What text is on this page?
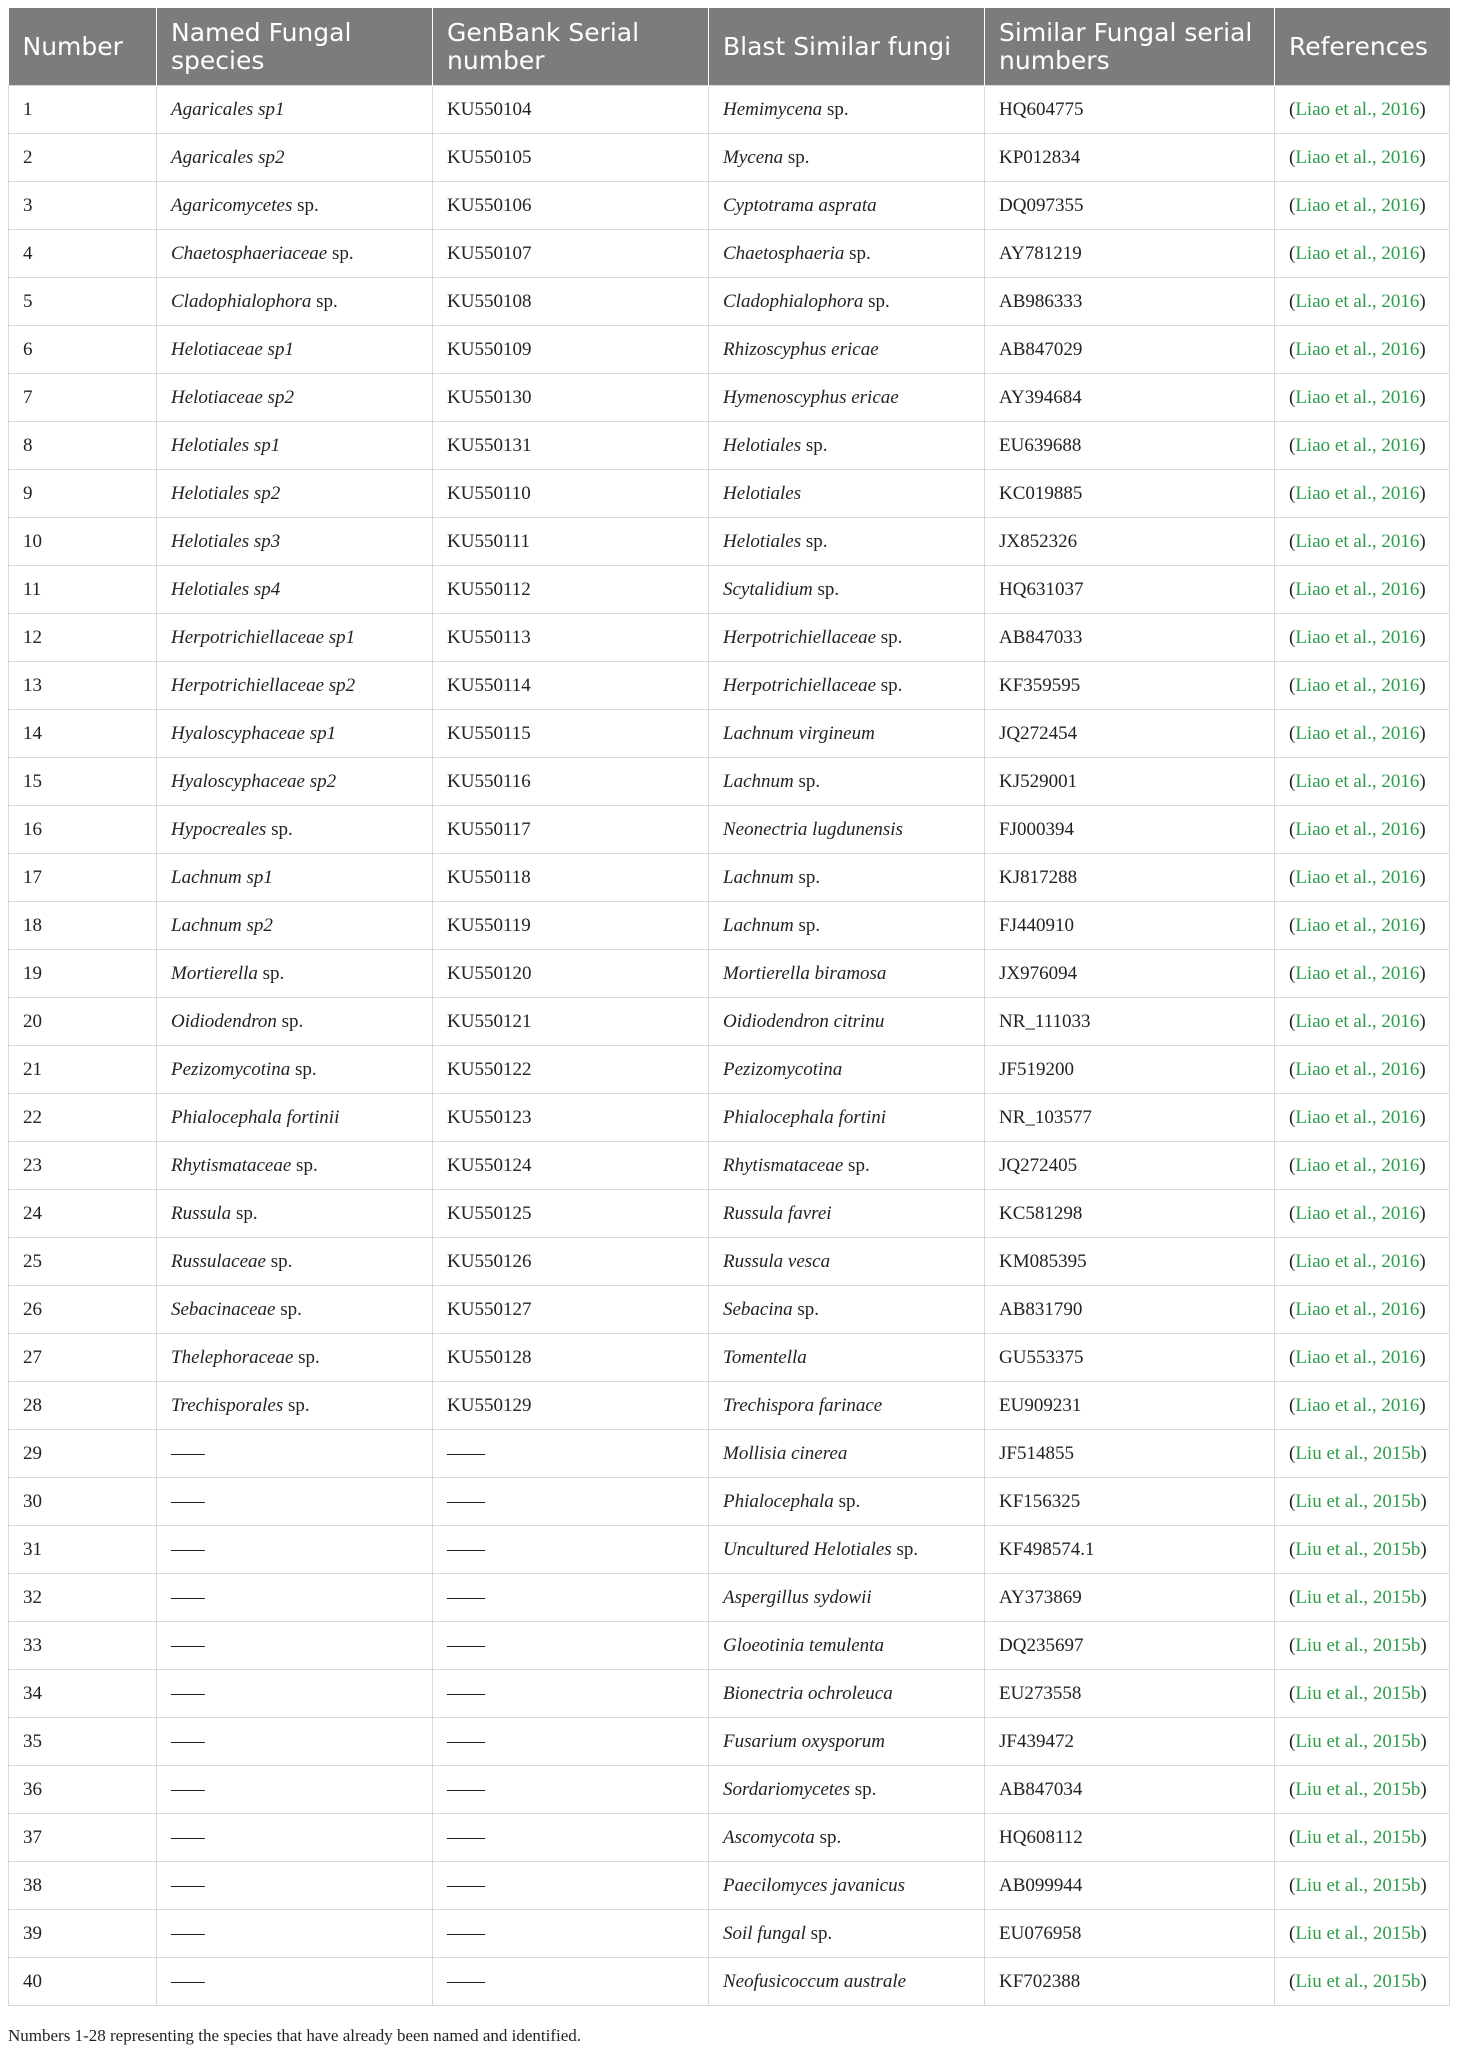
Number	Named Fungal species	GenBank Serial number	Blast Similar fungi	Similar Fungal serial numbers	References
1	Agaricales sp1	KU550104	Hemimycena sp.	HQ604775	(Liao et al., 2016)
2	Agaricales sp2	KU550105	Mycena sp.	KP012834	(Liao et al., 2016)
3	Agaricomycetes sp.	KU550106	Cyptotrama asprata	DQ097355	(Liao et al., 2016)
4	Chaetosphaeriaceae sp.	KU550107	Chaetosphaeria sp.	AY781219	(Liao et al., 2016)
5	Cladophialophora sp.	KU550108	Cladophialophora sp.	AB986333	(Liao et al., 2016)
6	Helotiaceae sp1	KU550109	Rhizoscyphus ericae	AB847029	(Liao et al., 2016)
7	Helotiaceae sp2	KU550130	Hymenoscyphus ericae	AY394684	(Liao et al., 2016)
8	Helotiales sp1	KU550131	Helotiales sp.	EU639688	(Liao et al., 2016)
9	Helotiales sp2	KU550110	Helotiales	KC019885	(Liao et al., 2016)
10	Helotiales sp3	KU550111	Helotiales sp.	JX852326	(Liao et al., 2016)
11	Helotiales sp4	KU550112	Scytalidium sp.	HQ631037	(Liao et al., 2016)
12	Herpotrichiellaceae sp1	KU550113	Herpotrichiellaceae sp.	AB847033	(Liao et al., 2016)
13	Herpotrichiellaceae sp2	KU550114	Herpotrichiellaceae sp.	KF359595	(Liao et al., 2016)
14	Hyaloscyphaceae sp1	KU550115	Lachnum virgineum	JQ272454	(Liao et al., 2016)
15	Hyaloscyphaceae sp2	KU550116	Lachnum sp.	KJ529001	(Liao et al., 2016)
16	Hypocreales sp.	KU550117	Neonectria lugdunensis	FJ000394	(Liao et al., 2016)
17	Lachnum sp1	KU550118	Lachnum sp.	KJ817288	(Liao et al., 2016)
18	Lachnum sp2	KU550119	Lachnum sp.	FJ440910	(Liao et al., 2016)
19	Mortierella sp.	KU550120	Mortierella biramosa	JX976094	(Liao et al., 2016)
20	Oidiodendron sp.	KU550121	Oidiodendron citrinu	NR_111033	(Liao et al., 2016)
21	Pezizomycotina sp.	KU550122	Pezizomycotina	JF519200	(Liao et al., 2016)
22	Phialocephala fortinii	KU550123	Phialocephala fortini	NR_103577	(Liao et al., 2016)
23	Rhytismataceae sp.	KU550124	Rhytismataceae sp.	JQ272405	(Liao et al., 2016)
24	Russula sp.	KU550125	Russula favrei	KC581298	(Liao et al., 2016)
25	Russulaceae sp.	KU550126	Russula vesca	KM085395	(Liao et al., 2016)
26	Sebacinaceae sp.	KU550127	Sebacina sp.	AB831790	(Liao et al., 2016)
27	Thelephoraceae sp.	KU550128	Tomentella	GU553375	(Liao et al., 2016)
28	Trechisporales sp.	KU550129	Trechispora farinace	EU909231	(Liao et al., 2016)
29	——	——	Mollisia cinerea	JF514855	(Liu et al., 2015b)
30	——	——	Phialocephala sp.	KF156325	(Liu et al., 2015b)
31	——	——	Uncultured Helotiales sp.	KF498574.1	(Liu et al., 2015b)
32	——	——	Aspergillus sydowii	AY373869	(Liu et al., 2015b)
33	——	——	Gloeotinia temulenta	DQ235697	(Liu et al., 2015b)
34	——	——	Bionectria ochroleuca	EU273558	(Liu et al., 2015b)
35	——	——	Fusarium oxysporum	JF439472	(Liu et al., 2015b)
36	——	——	Sordariomycetes sp.	AB847034	(Liu et al., 2015b)
37	——	——	Ascomycota sp.	HQ608112	(Liu et al., 2015b)
38	——	——	Paecilomyces javanicus	AB099944	(Liu et al., 2015b)
39	——	——	Soil fungal sp.	EU076958	(Liu et al., 2015b)
40	——	——	Neofusicoccum australe	KF702388	(Liu et al., 2015b)
Numbers 1-28 representing the species that have already been named and identified.
